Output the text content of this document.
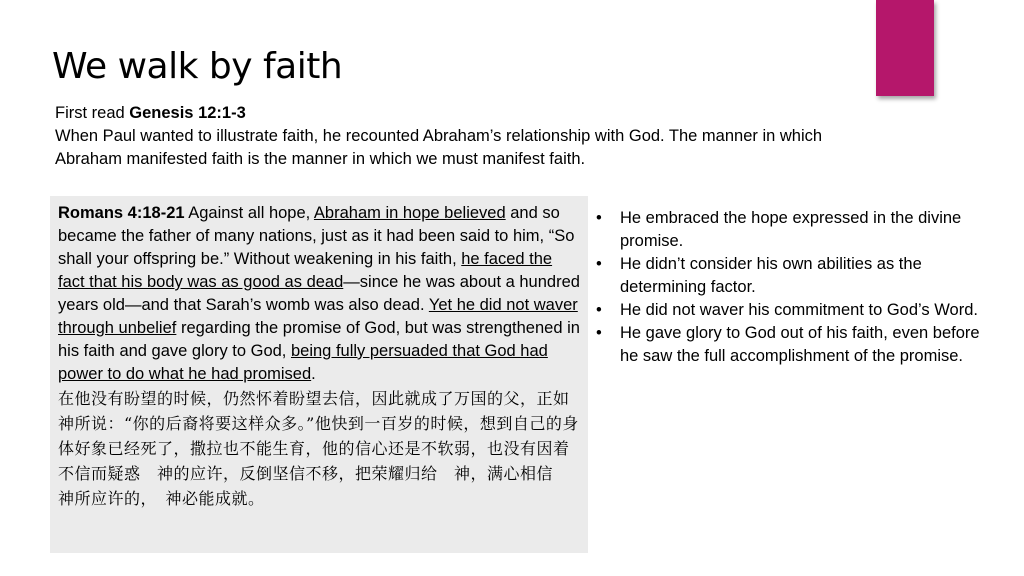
We walk by faith

First read Genesis 12:1-3

When Paul wanted to illustrate faith, he recounted Abraham’s relationship with God. The manner in which Abraham manifested faith is the manner in which we must manifest faith.

Romans 4:18-21 Against all hope, Abraham in hope believed and so became the father of many nations, just as it had been said to him, “So shall your offspring be.” Without weakening in his faith, he faced the fact that his body was as good as dead—since he was about a hundred years old—and that Sarah’s womb was also dead. Yet he did not waver through unbelief regarding the promise of God, but was strengthened in his faith and gave glory to God, being fully persuaded that God had power to do what he had promised.

在他没有盼望的时候，仍然怀着盼望去信，因此就成了万国的父，正如　神所说：“你的后裔将要这样众多。”他快到一百岁的时候，想到自己的身体好象已经死了，撒拉也不能生育，他的信心还是不软弱，也没有因着不信而疑惑　神的应许，反倒坚信不移，把荣耀归给　神，满心相信　神所应许的，　神必能成就。

• He embraced the hope expressed in the divine promise.
• He didn’t consider his own abilities as the determining factor.
• He did not waver his commitment to God’s Word.
• He gave glory to God out of his faith, even before he saw the full accomplishment of the promise.
